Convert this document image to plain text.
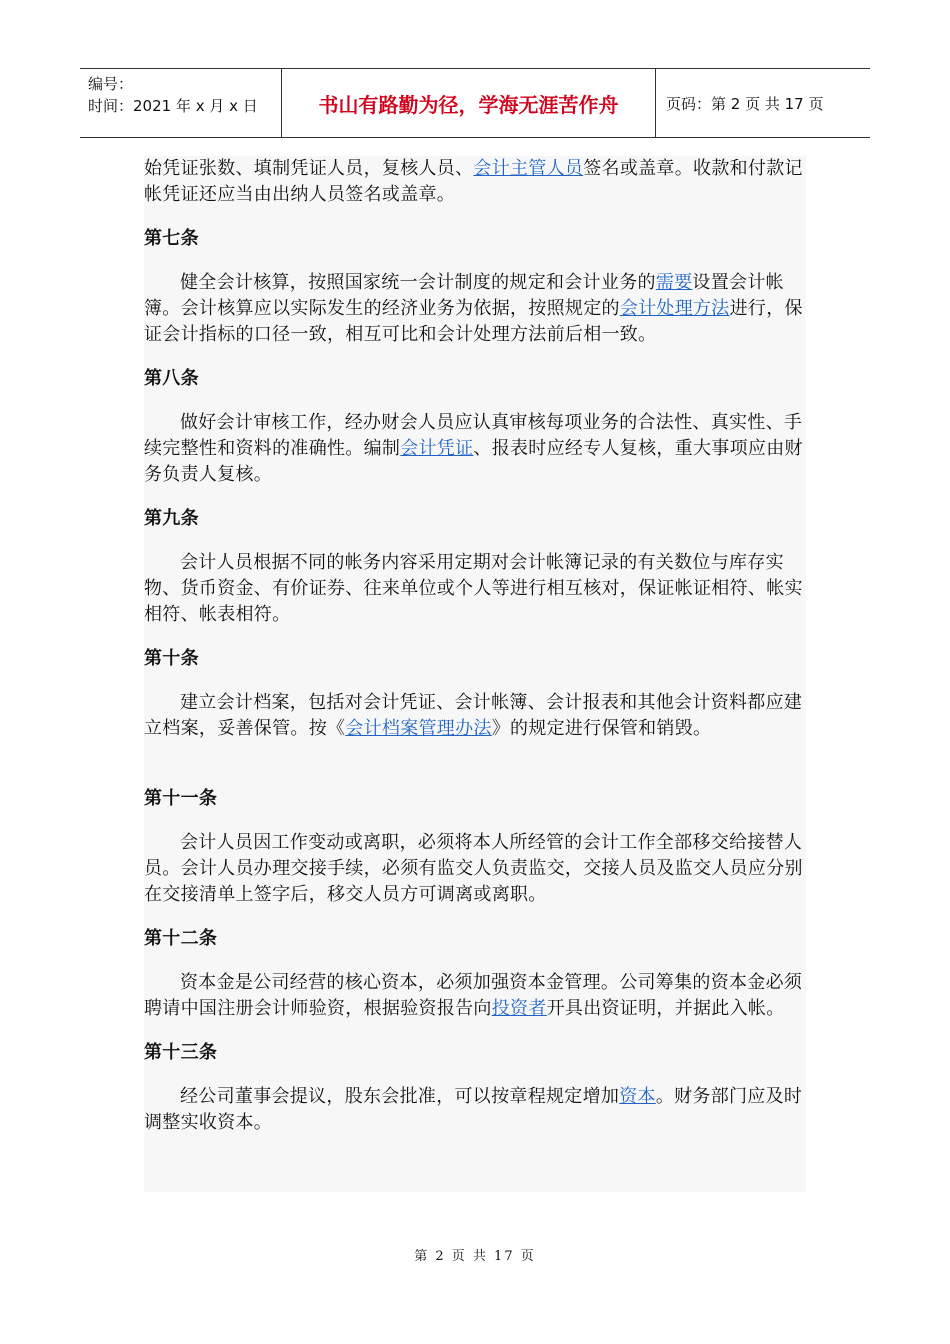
编号：
时间：2021 年 x 月 x 日	书山有路勤为径，学海无涯苦作舟	页码：第 2 页 共 17 页

始凭证张数、填制凭证人员，复核人员、会计主管人员签名或盖章。收款和付款记帐凭证还应当由出纳人员签名或盖章。

第七条

健全会计核算，按照国家统一会计制度的规定和会计业务的需要设置会计帐簿。会计核算应以实际发生的经济业务为依据，按照规定的会计处理方法进行，保证会计指标的口径一致，相互可比和会计处理方法前后相一致。

第八条

做好会计审核工作，经办财会人员应认真审核每项业务的合法性、真实性、手续完整性和资料的准确性。编制会计凭证、报表时应经专人复核，重大事项应由财务负责人复核。

第九条

会计人员根据不同的帐务内容采用定期对会计帐簿记录的有关数位与库存实物、货币资金、有价证券、往来单位或个人等进行相互核对，保证帐证相符、帐实相符、帐表相符。

第十条

建立会计档案，包括对会计凭证、会计帐簿、会计报表和其他会计资料都应建立档案，妥善保管。按《会计档案管理办法》的规定进行保管和销毁。

第十一条

会计人员因工作变动或离职，必须将本人所经管的会计工作全部移交给接替人员。会计人员办理交接手续，必须有监交人负责监交，交接人员及监交人员应分别在交接清单上签字后，移交人员方可调离或离职。

第十二条

资本金是公司经营的核心资本，必须加强资本金管理。公司筹集的资本金必须聘请中国注册会计师验资，根据验资报告向投资者开具出资证明，并据此入帐。

第十三条

经公司董事会提议，股东会批准，可以按章程规定增加资本。财务部门应及时调整实收资本。

第 2 页 共 17 页
